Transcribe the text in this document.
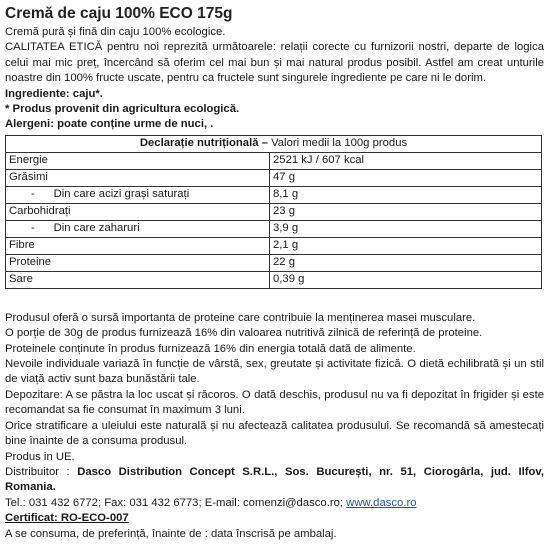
Cremă de caju 100% ECO 175g
Cremă pură și fină din caju 100% ecologice.
CALITATEA ETICĂ pentru noi reprezită următoarele: relații corecte cu furnizorii nostri, departe de logica celui mai mic preț, încercând să oferim cel mai bun și mai natural produs posibil. Astfel am creat unturile noastre din 100% fructe uscate, pentru ca fructele sunt singurele ingrediente pe care ni le dorim.
Ingrediente: caju*.
* Produs provenit din agricultura ecologică.
Alergeni: poate conține urme de nuci, .
Declarație nutrițională – Valori medii la 100g produs	
Energie	2521 kJ / 607 kcal
Grăsimi	47 g
-      Din care acizi grași saturați	8,1 g
Carbohidrați	23 g
-      Din care zaharuri	3,9 g
Fibre	2,1 g
Proteine	22 g
Sare	0,39 g
Produsul oferă o sursă importanta de proteine care contribuie la menținerea masei musculare.
O porție de 30g de produs furnizează 16% din valoarea nutritivă zilnică de referință de proteine.
Proteinele conținute în produs furnizează 16% din energia totală dată de alimente.
Nevoile individuale variază în funcție de vârstă, sex, greutate și activitate fizică. O dietă echilibrată și un stil de viață activ sunt baza bunăstării tale.
Depozitare: A se păstra la loc uscat și răcoros. O dată deschis, produsul nu va fi depozitat în frigider și este recomandat sa fie consumat în maximum 3 luni.
Orice stratificare a uleiului este naturală și nu afectează calitatea produsului. Se recomandă să amestecați bine înainte de a consuma produsul.
Produs in UE.
Distribuitor : Dasco Distribution Concept S.R.L., Sos. București, nr. 51, Ciorogârla, jud. Ilfov, Romania.
Tel.: 031 432 6772; Fax: 031 432 6773; E-mail: comenzi@dasco.ro; www.dasco.ro
Certificat: RO-ECO-007
A se consuma, de preferință, înainte de : data înscrisă pe ambalaj.
